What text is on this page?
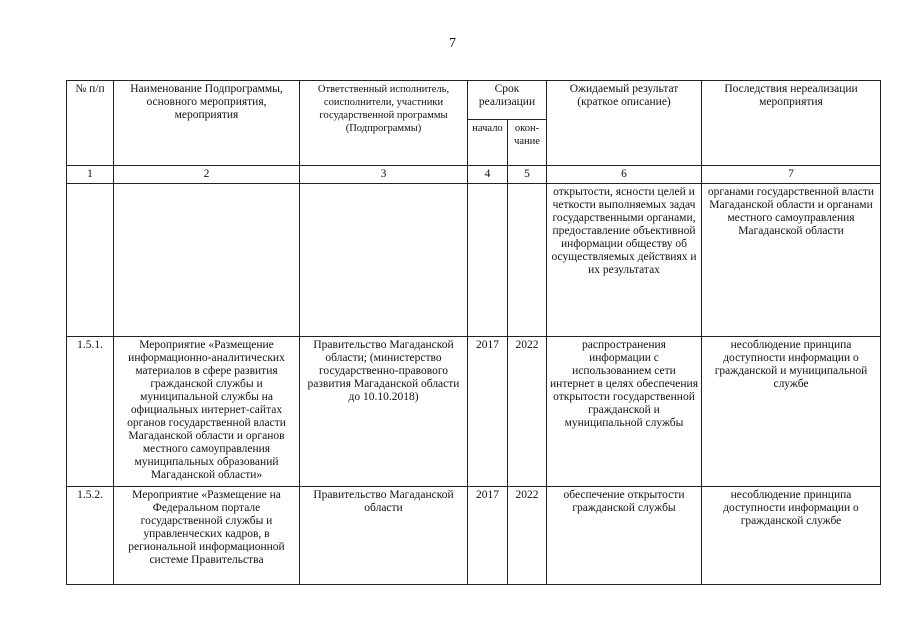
7
№ п/п	Наименование Подпрограммы, основного мероприятия, мероприятия	Ответственный исполнитель, соисполнители, участники государственной программы (Подпрограммы)	Срок реализации		Ожидаемый результат (краткое описание)	Последствия нереализации мероприятия
			начало	окон-чание		
1	2	3	4	5	6	7
					открытости, ясности целей и четкости выполняемых задач государственными органами, предоставление объективной информации обществу об осуществляемых действиях и их результатах	органами государственной власти Магаданской области и органами местного самоуправления Магаданской области
1.5.1.	Мероприятие «Размещение информационно-аналитических материалов в сфере развития гражданской службы и муниципальной службы на официальных интернет-сайтах органов государственной власти Магаданской области и органов местного самоуправления муниципальных образований Магаданской области»	Правительство Магаданской области; (министерство государственно-правового развития Магаданской области до 10.10.2018)	2017	2022	распространения информации с использованием сети интернет в целях обеспечения открытости государственной гражданской и муниципальной службы	несоблюдение принципа доступности информации о гражданской и муниципальной службе
1.5.2.	Мероприятие «Размещение на Федеральном портале государственной службы и управленческих кадров, в региональной информационной системе Правительства	Правительство Магаданской области	2017	2022	обеспечение открытости гражданской службы	несоблюдение принципа доступности информации о гражданской службе
